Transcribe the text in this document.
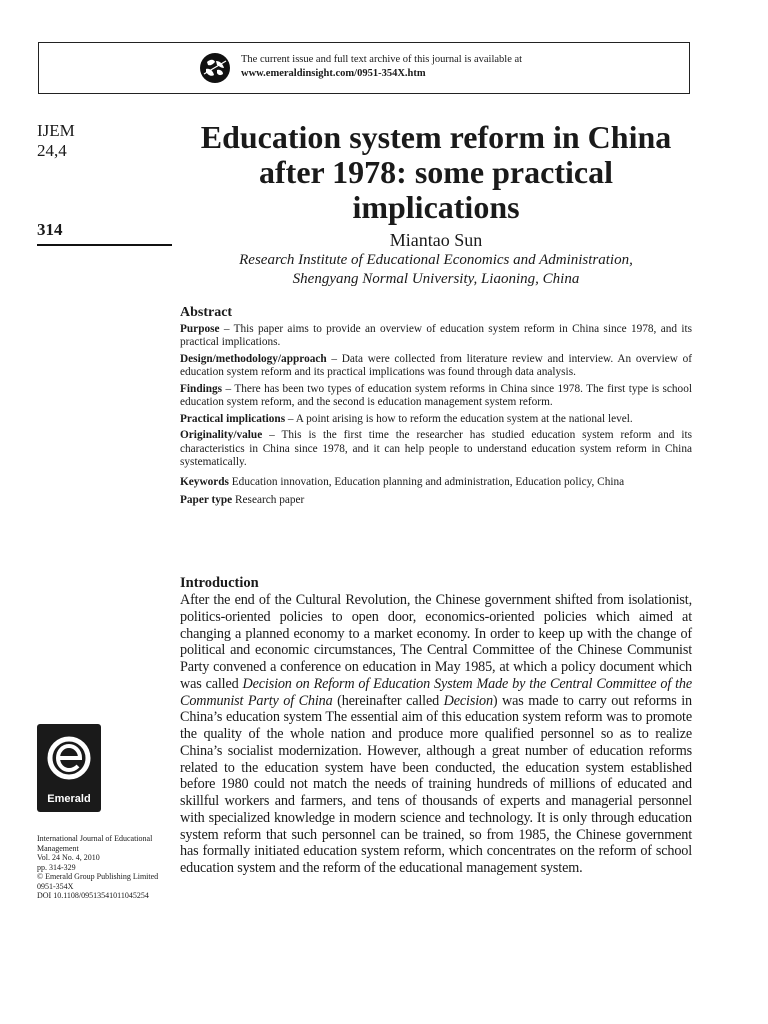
The current issue and full text archive of this journal is available at
www.emeraldinsight.com/0951-354X.htm
IJEM
24,4
314
Education system reform in China after 1978: some practical implications
Miantao Sun
Research Institute of Educational Economics and Administration,
Shengyang Normal University, Liaoning, China
Abstract

Purpose – This paper aims to provide an overview of education system reform in China since 1978, and its practical implications.

Design/methodology/approach – Data were collected from literature review and interview. An overview of education system reform and its practical implications was found through data analysis.

Findings – There has been two types of education system reforms in China since 1978. The first type is school education system reform, and the second is education management system reform.

Practical implications – A point arising is how to reform the education system at the national level.

Originality/value – This is the first time the researcher has studied education system reform and its characteristics in China since 1978, and it can help people to understand education system reform in China systematically.

Keywords Education innovation, Education planning and administration, Education policy, China

Paper type Research paper

Introduction

After the end of the Cultural Revolution, the Chinese government shifted from isolationist, politics-oriented policies to open door, economics-oriented policies which aimed at changing a planned economy to a market economy. In order to keep up with the change of political and economic circumstances, The Central Committee of the Chinese Communist Party convened a conference on education in May 1985, at which a policy document which was called Decision on Reform of Education System Made by the Central Committee of the Communist Party of China (hereinafter called Decision) was made to carry out reforms in China’s education system The essential aim of this education system reform was to promote the quality of the whole nation and produce more qualified personnel so as to realize China’s socialist modernization. However, although a great number of education reforms related to the education system have been conducted, the education system established before 1980 could not match the needs of training hundreds of millions of educated and skillful workers and farmers, and tens of thousands of experts and managerial personnel with specialized knowledge in modern science and technology. It is only through education system reform that such personnel can be trained, so from 1985, the Chinese government has formally initiated education system reform, which concentrates on the reform of school education system and the reform of the educational management system.

Emerald
International Journal of Educational
Management
Vol. 24 No. 4, 2010
pp. 314-329
© Emerald Group Publishing Limited
0951-354X
DOI 10.1108/09513541011045254
